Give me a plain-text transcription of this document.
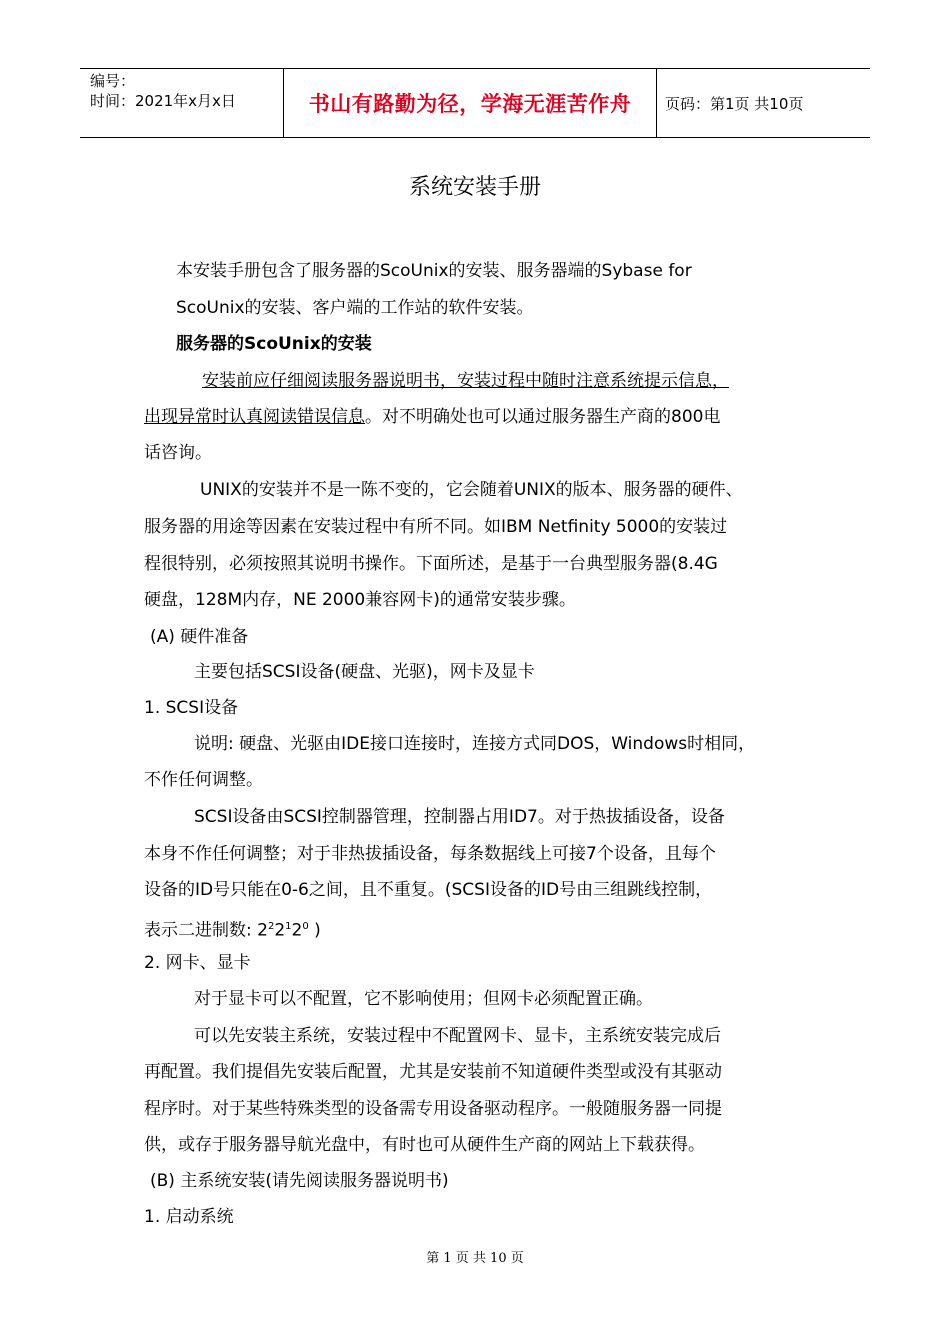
编号：
时间：2021年x月x日	书山有路勤为径，学海无涯苦作舟	页码：第1页 共10页
系统安装手册
本安装手册包含了服务器的ScoUnix的安装、服务器端的Sybase for
ScoUnix的安装、客户端的工作站的软件安装。
服务器的ScoUnix的安装
安装前应仔细阅读服务器说明书，安装过程中随时注意系统提示信息，
出现异常时认真阅读错误信息。对不明确处也可以通过服务器生产商的800电
话咨询。
UNIX的安装并不是一陈不变的，它会随着UNIX的版本、服务器的硬件、
服务器的用途等因素在安装过程中有所不同。如IBM Netfinity 5000的安装过
程很特别，必须按照其说明书操作。下面所述，是基于一台典型服务器(8.4G
硬盘，128M内存，NE 2000兼容网卡)的通常安装步骤。
(A) 硬件准备
主要包括SCSI设备(硬盘、光驱)，网卡及显卡
1. SCSI设备
说明: 硬盘、光驱由IDE接口连接时，连接方式同DOS，Windows时相同，
不作任何调整。
SCSI设备由SCSI控制器管理，控制器占用ID7。对于热拔插设备，设备
本身不作任何调整；对于非热拔插设备，每条数据线上可接7个设备，且每个
设备的ID号只能在0-6之间，且不重复。(SCSI设备的ID号由三组跳线控制，
表示二进制数: $2^22^12^0$ )
2. 网卡、显卡
对于显卡可以不配置，它不影响使用；但网卡必须配置正确。
可以先安装主系统，安装过程中不配置网卡、显卡，主系统安装完成后
再配置。我们提倡先安装后配置，尤其是安装前不知道硬件类型或没有其驱动
程序时。对于某些特殊类型的设备需专用设备驱动程序。一般随服务器一同提
供，或存于服务器导航光盘中，有时也可从硬件生产商的网站上下载获得。
(B) 主系统安装(请先阅读服务器说明书)
1. 启动系统
第 1 页 共 10 页
